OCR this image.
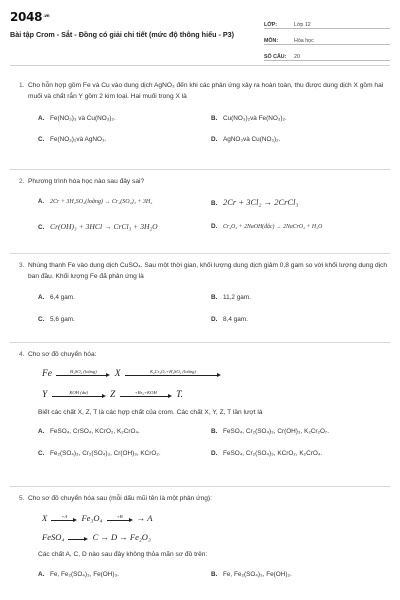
$2048^{.vn}$
Bài tập Crom - Sắt - Đồng có giải chi tiết (mức độ thông hiểu - P3)
LỚP:	Lớp 12
MÔN:	Hóa học
SỐ CÂU:	20
1. Cho hỗn hợp gồm Fe và Cu vào dung dịch AgNO₃ đến khi các phản ứng xảy ra hoàn toàn, thu được dung dịch X gồm hai muối và chất rắn Y gồm 2 kim loại. Hai muối trong X là
A. Fe(NO₃)₃ và Cu(NO₃)₂.	B. Cu(NO₃)₂và Fe(NO₃)₂.
C. Fe(NO₃)₂và AgNO₃.	D. AgNO₃và Cu(NO₃)₂.
2. Phương trình hóa học nào sau đây sai?
A.	2Cr + 3H₂SO₄(loãng) → Cr₂(SO₄)₃ + 3H₂	B. 2Cr + 3Cl₂ → 2CrCl₃
C. Cr(OH)₃ + 3HCl → CrCl₃ + 3H₂O	D. Cr₂O₃ + 2NaOH(đặc) → 2NaCrO₂ + H₂O
3. Nhúng thanh Fe vào dung dịch CuSO₄. Sau một thời gian, khối lượng dung dịch giảm 0,8 gam so với khối lượng dung dịch ban đầu. Khối lượng Fe đã phản ứng là
A. 6,4 gam.	B. 11,2 gam.
C. 5,6 gam.	D. 8,4 gam.
4. Cho sơ đồ chuyển hóa:
Fe	H₂SO₄ (loãng)	X	K₂Cr₂O₇+H₂SO₄ (loãng)
Y	KOH (dư)	Z	+Br₂+KOH	T.
Biết các chất X, Z, T là các hợp chất của crom. Các chất X, Y, Z, T lần lượt là
A. FeSO₄, CrSO₄, KCrO₂, K₂CrO₄.	B. FeSO₄, Cr₂(SO₄)₃, Cr(OH)₃, K₂Cr₂O₇.
C. Fe₂(SO₄)₃, Cr₂(SO₄)₃, Cr(OH)₃, KCrO₂.	D. FeSO₄, Cr₂(SO₄)₃, KCrO₂, K₂CrO₄.
5. Cho sơ đồ chuyển hóa sau (mỗi dấu mũi tên là một phản ứng):
X	+A	Fe₃O₄	+B	→ A
FeSO₄	C → D → Fe₂O₃
Các chất A, C, D nào sau đây không thỏa mãn sơ đồ trên:
A. Fe, Fe₂(SO₄)₃, Fe(OH)₃.	B. Fe, Fe₂(SO₄)₃, Fe(OH)₂.
